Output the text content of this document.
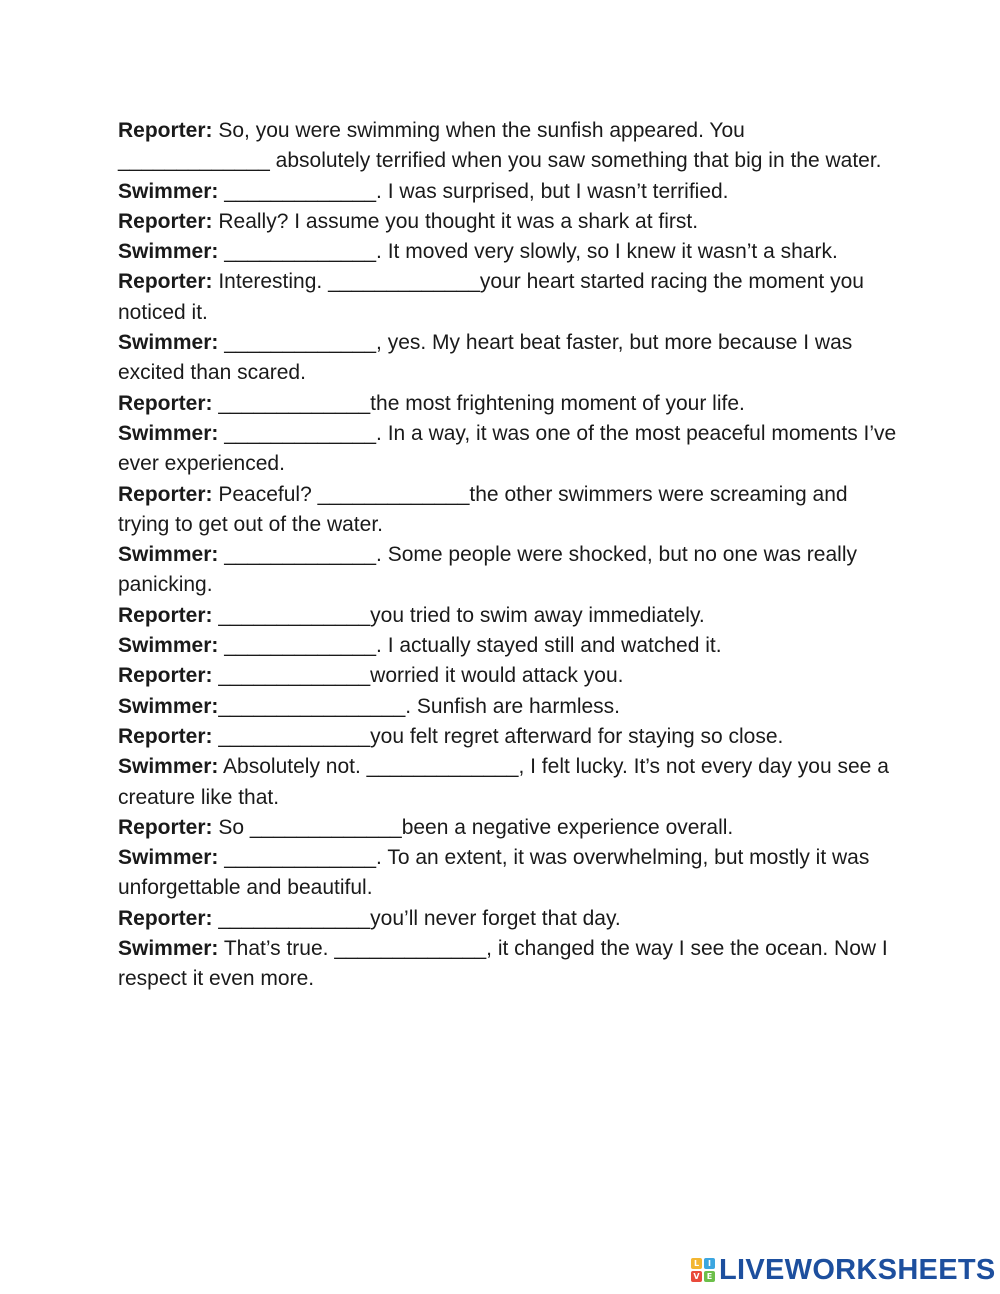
Reporter: So, you were swimming when the sunfish appeared. You _____________ absolutely terrified when you saw something that big in the water.

Swimmer: _____________. I was surprised, but I wasn’t terrified.

Reporter: Really? I assume you thought it was a shark at first.

Swimmer: _____________. It moved very slowly, so I knew it wasn’t a shark.

Reporter: Interesting. _____________your heart started racing the moment you noticed it.

Swimmer: _____________, yes. My heart beat faster, but more because I was excited than scared.

Reporter: _____________the most frightening moment of your life.

Swimmer: _____________. In a way, it was one of the most peaceful moments I’ve ever experienced.

Reporter: Peaceful? _____________the other swimmers were screaming and trying to get out of the water.

Swimmer: _____________. Some people were shocked, but no one was really panicking.

Reporter: _____________you tried to swim away immediately.

Swimmer: _____________. I actually stayed still and watched it.

Reporter: _____________worried it would attack you.

Swimmer:________________. Sunfish are harmless.

Reporter: _____________you felt regret afterward for staying so close.

Swimmer: Absolutely not. _____________, I felt lucky. It’s not every day you see a creature like that.

Reporter: So _____________been a negative experience overall.

Swimmer: _____________. To an extent, it was overwhelming, but mostly it was unforgettable and beautiful.

Reporter: _____________you’ll never forget that day.

Swimmer: That’s true. _____________, it changed the way I see the ocean. Now I respect it even more.

L	I
V E LIVEWORKSHEETS
